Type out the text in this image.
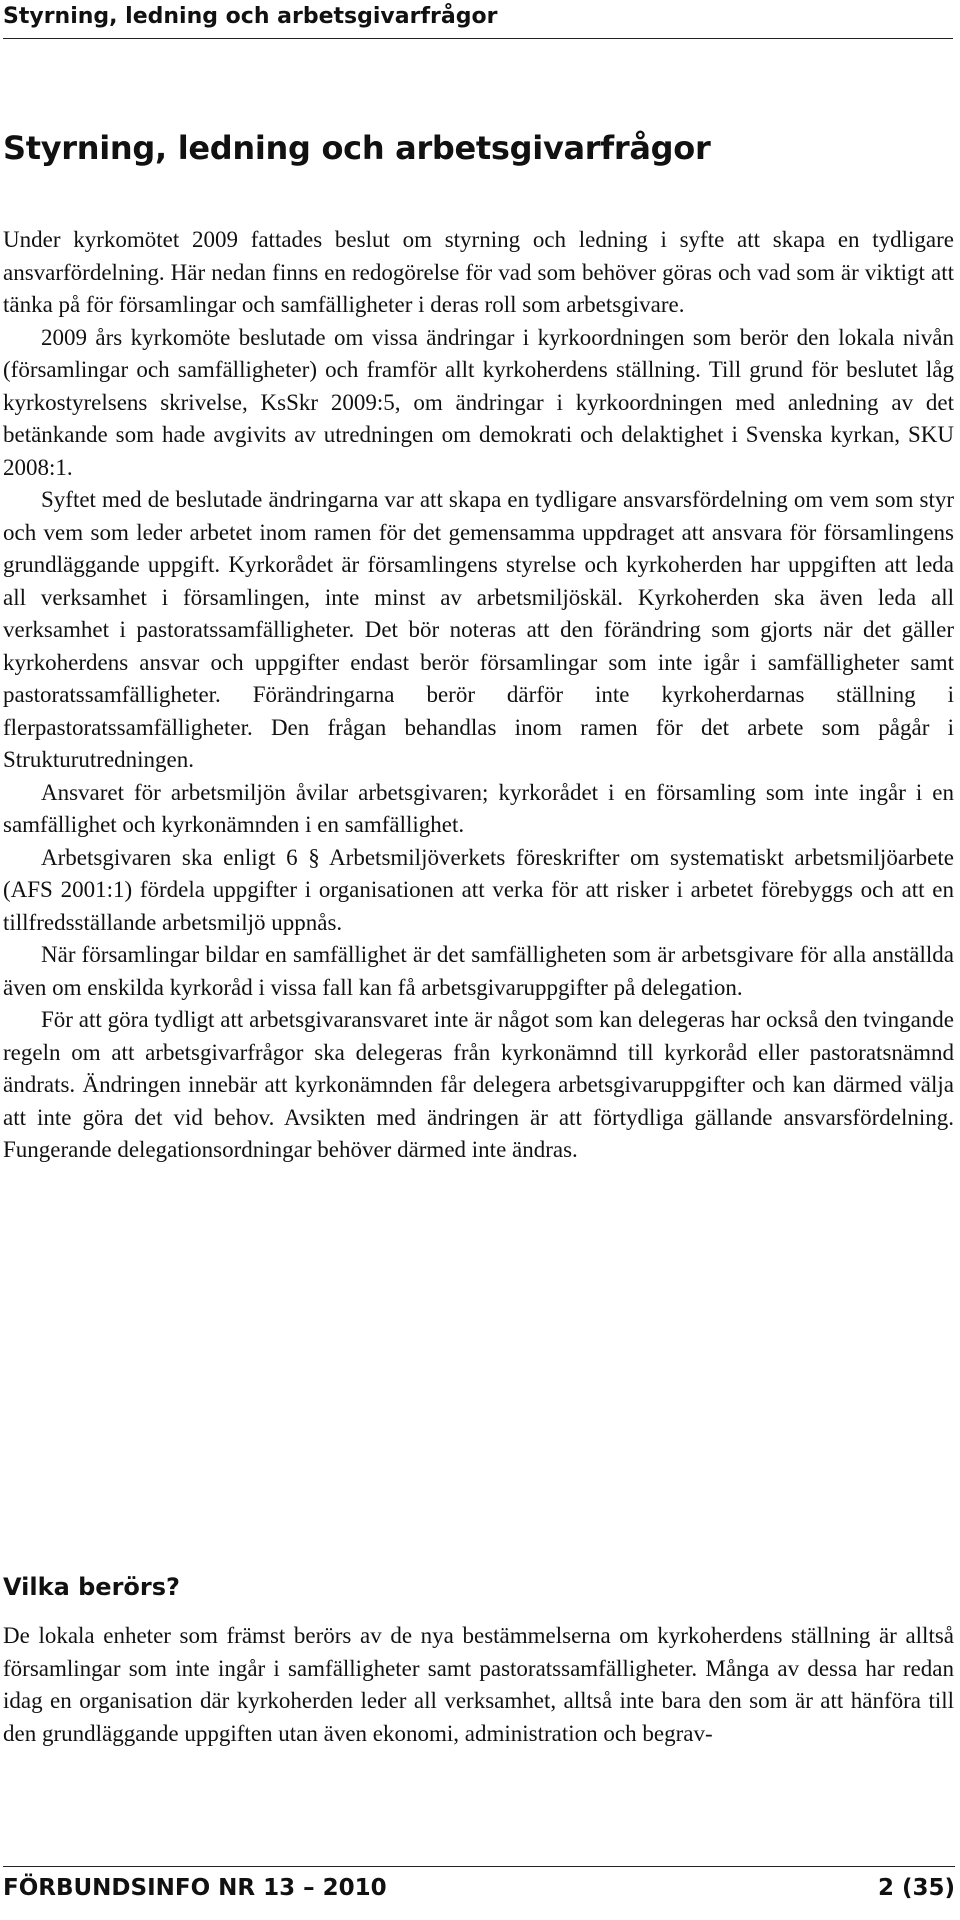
Styrning, ledning och arbetsgivarfrågor
Styrning, ledning och arbetsgivarfrågor

Under kyrkomötet 2009 fattades beslut om styrning och ledning i syfte att skapa en tydligare ansvarfördelning. Här nedan finns en redogörelse för vad som behöver göras och vad som är viktigt att tänka på för församlingar och samfälligheter i deras roll som arbetsgivare.

2009 års kyrkomöte beslutade om vissa ändringar i kyrkoordningen som berör den lokala nivån (församlingar och samfälligheter) och framför allt kyrkoherdens ställning. Till grund för beslutet låg kyrkostyrelsens skrivelse, KsSkr 2009:5, om ändringar i kyrkoordningen med anledning av det betänkande som hade avgivits av utredningen om demokrati och delaktighet i Svenska kyrkan, SKU 2008:1.

Syftet med de beslutade ändringarna var att skapa en tydligare ansvarsfördelning om vem som styr och vem som leder arbetet inom ramen för det gemensamma uppdraget att ansvara för församlingens grundläggande uppgift. Kyrkorådet är församlingens styrelse och kyrkoherden har uppgiften att leda all verksamhet i församlingen, inte minst av arbetsmiljöskäl. Kyrkoherden ska även leda all verksamhet i pastoratssamfälligheter. Det bör noteras att den förändring som gjorts när det gäller kyrkoherdens ansvar och uppgifter endast berör församlingar som inte igår i samfälligheter samt pastoratssamfälligheter. Förändringarna berör därför inte kyrkoherdarnas ställning i flerpastoratssamfälligheter. Den frågan behandlas inom ramen för det arbete som pågår i Strukturutredningen.

Ansvaret för arbetsmiljön åvilar arbetsgivaren; kyrkorådet i en församling som inte ingår i en samfällighet och kyrkonämnden i en samfällighet.

Arbetsgivaren ska enligt 6 § Arbetsmiljöverkets föreskrifter om systematiskt arbetsmiljöarbete (AFS 2001:1) fördela uppgifter i organisationen att verka för att risker i arbetet förebyggs och att en tillfredsställande arbetsmiljö uppnås.

När församlingar bildar en samfällighet är det samfälligheten som är arbetsgivare för alla anställda även om enskilda kyrkoråd i vissa fall kan få arbetsgivaruppgifter på delegation.

För att göra tydligt att arbetsgivaransvaret inte är något som kan delegeras har också den tvingande regeln om att arbetsgivarfrågor ska delegeras från kyrkonämnd till kyrkoråd eller pastoratsnämnd ändrats. Ändringen innebär att kyrkonämnden får delegera arbetsgivaruppgifter och kan därmed välja att inte göra det vid behov. Avsikten med ändringen är att förtydliga gällande ansvarsfördelning. Fungerande delegationsordningar behöver därmed inte ändras.

Vilka berörs?

De lokala enheter som främst berörs av de nya bestämmelserna om kyrkoherdens ställning är alltså församlingar som inte ingår i samfälligheter samt pastoratssamfälligheter. Många av dessa har redan idag en organisation där kyrkoherden leder all verksamhet, alltså inte bara den som är att hänföra till den grundläggande uppgiften utan även ekonomi, administration och begrav-

FÖRBUNDSINFO NR 13 – 2010	2 (35)
